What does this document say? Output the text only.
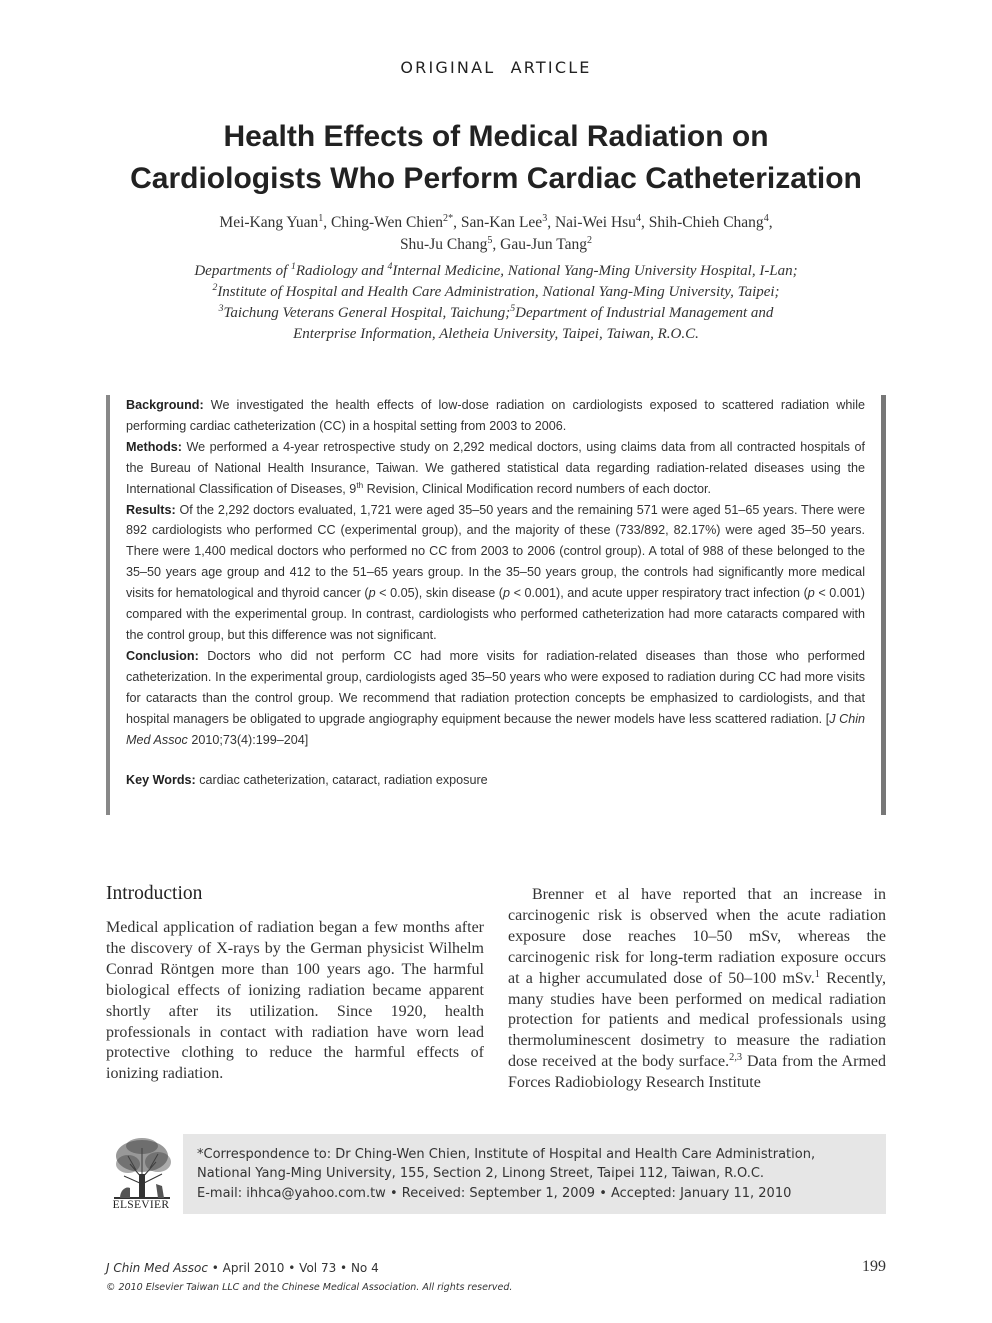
ORIGINAL ARTICLE
Health Effects of Medical Radiation on
Cardiologists Who Perform Cardiac Catheterization
Mei-Kang Yuan$^1$, Ching-Wen Chien$^{2*}$, San-Kan Lee$^3$, Nai-Wei Hsu$^4$, Shih-Chieh Chang$^4$,
Shu-Ju Chang$^5$, Gau-Jun Tang$^2$
Departments of $^1$Radiology and $^4$Internal Medicine, National Yang-Ming University Hospital, I-Lan;
$^2$Institute of Hospital and Health Care Administration, National Yang-Ming University, Taipei;
$^3$Taichung Veterans General Hospital, Taichung;$^5$Department of Industrial Management and
Enterprise Information, Aletheia University, Taipei, Taiwan, R.O.C.

Background: We investigated the health effects of low-dose radiation on cardiologists exposed to scattered radiation while performing cardiac catheterization (CC) in a hospital setting from 2003 to 2006.

Methods: We performed a 4-year retrospective study on 2,292 medical doctors, using claims data from all contracted hospitals of the Bureau of National Health Insurance, Taiwan. We gathered statistical data regarding radiation-related diseases using the International Classification of Diseases, 9th Revision, Clinical Modification record numbers of each doctor.

Results: Of the 2,292 doctors evaluated, 1,721 were aged 35–50 years and the remaining 571 were aged 51–65 years. There were 892 cardiologists who performed CC (experimental group), and the majority of these (733/892, 82.17%) were aged 35–50 years. There were 1,400 medical doctors who performed no CC from 2003 to 2006 (control group). A total of 988 of these belonged to the 35–50 years age group and 412 to the 51–65 years group. In the 35–50 years group, the controls had significantly more medical visits for hematological and thyroid cancer (p < 0.05), skin disease (p < 0.001), and acute upper respiratory tract infection (p < 0.001) compared with the experimental group. In contrast, cardiologists who performed catheterization had more cataracts compared with the control group, but this difference was not significant.

Conclusion: Doctors who did not perform CC had more visits for radiation-related diseases than those who performed catheterization. In the experimental group, cardiologists aged 35–50 years who were exposed to radiation during CC had more visits for cataracts than the control group. We recommend that radiation protection concepts be emphasized to cardiologists, and that hospital managers be obligated to upgrade angiography equipment because the newer models have less scattered radiation. [J Chin Med Assoc 2010;73(4):199–204]

Key Words: cardiac catheterization, cataract, radiation exposure

Introduction

Medical application of radiation began a few months after the discovery of X-rays by the German physicist Wilhelm Conrad Röntgen more than 100 years ago. The harmful biological effects of ionizing radiation became apparent shortly after its utilization. Since 1920, health professionals in contact with radiation have worn lead protective clothing to reduce the harmful effects of ionizing radiation.

Brenner et al have reported that an increase in carcinogenic risk is observed when the acute radiation exposure dose reaches 10–50 mSv, whereas the carcinogenic risk for long-term radiation exposure occurs at a higher accumulated dose of 50–100 mSv.$^1$ Recently, many studies have been performed on medical radiation protection for patients and medical professionals using thermoluminescent dosimetry to measure the radiation dose received at the body surface.$^{2,3}$ Data from the Armed Forces Radiobiology Research Institute

ELSEVIER
*Correspondence to: Dr Ching-Wen Chien, Institute of Hospital and Health Care Administration,
National Yang-Ming University, 155, Section 2, Linong Street, Taipei 112, Taiwan, R.O.C.
E-mail: ihhca@yahoo.com.tw • Received: September 1, 2009 • Accepted: January 11, 2010
J Chin Med Assoc • April 2010 • Vol 73 • No 4
© 2010 Elsevier Taiwan LLC and the Chinese Medical Association. All rights reserved.
199
